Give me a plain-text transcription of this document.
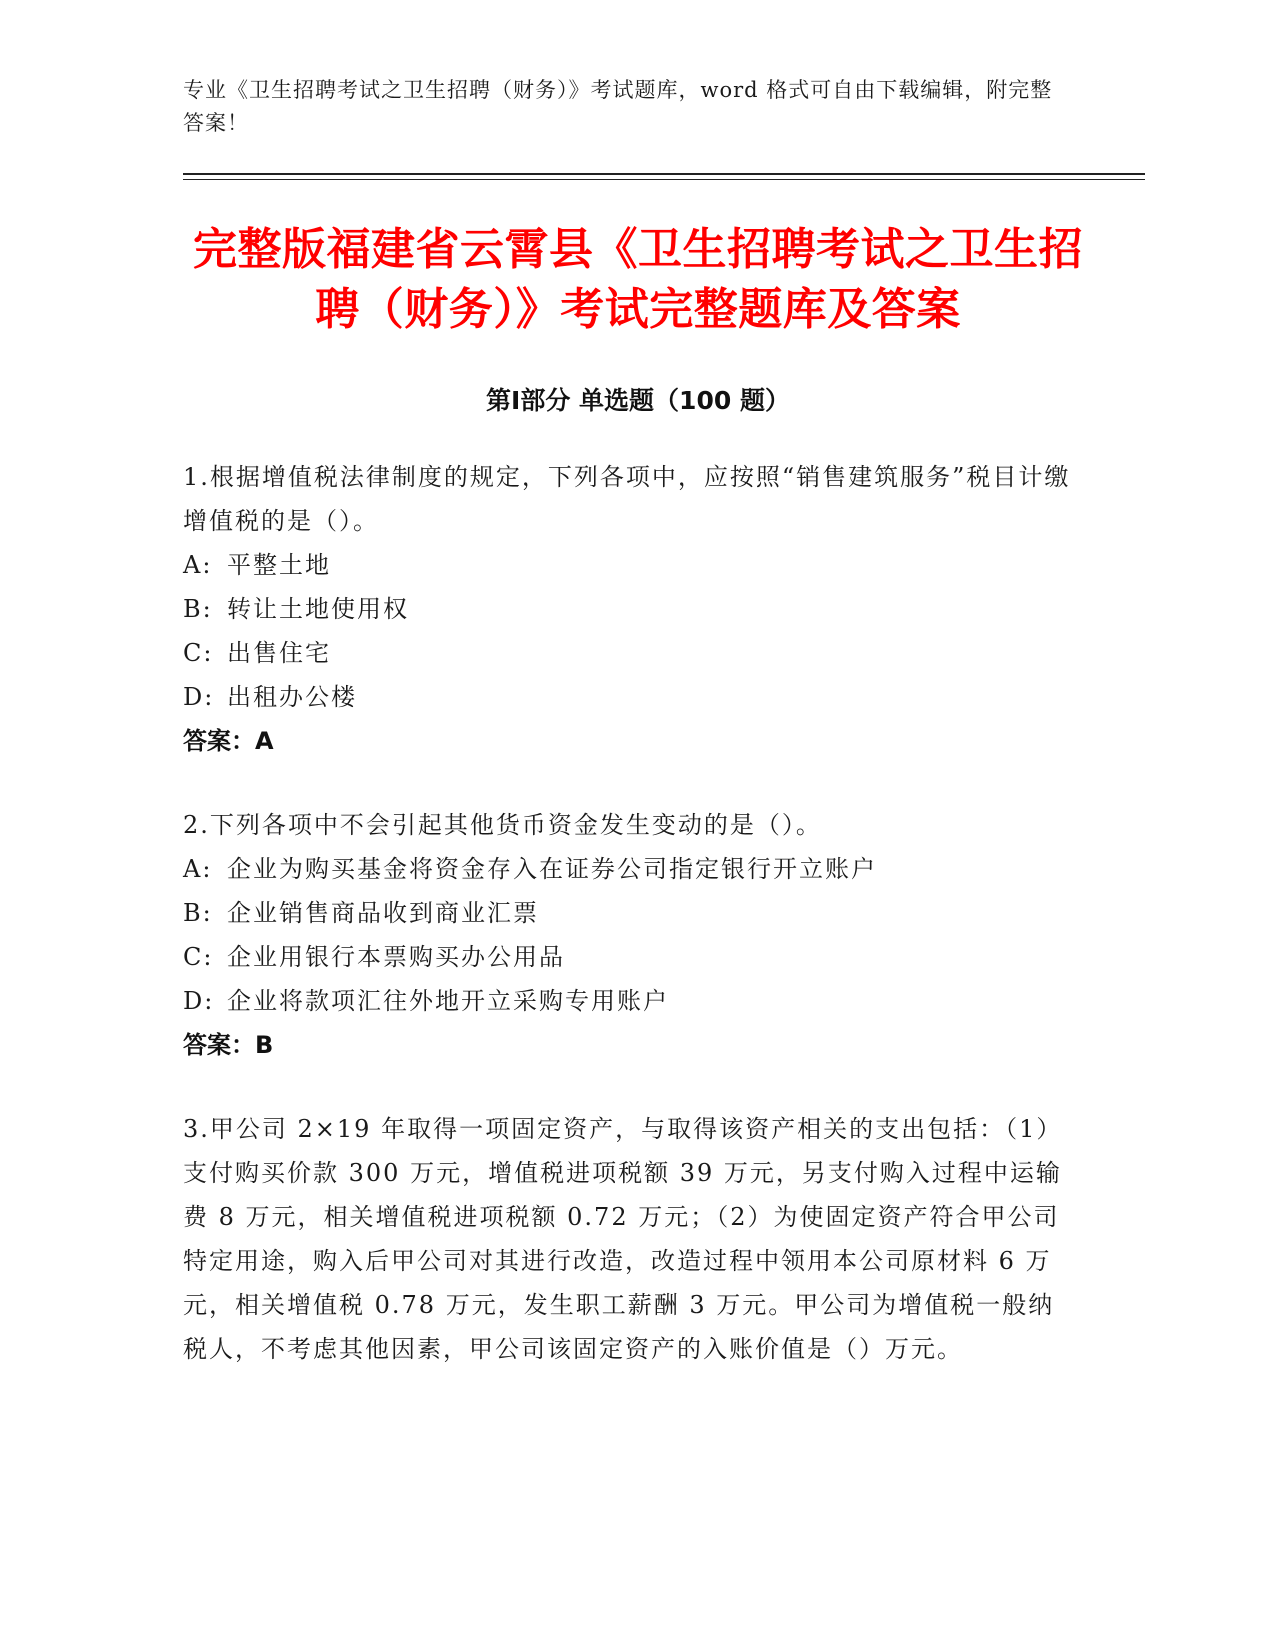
专业《卫生招聘考试之卫生招聘（财务）》考试题库，word 格式可自由下载编辑，附完整答案！
完整版福建省云霄县《卫生招聘考试之卫生招聘（财务）》考试完整题库及答案
第Ⅰ部分 单选题（100 题）
1.根据增值税法律制度的规定，下列各项中，应按照“销售建筑服务”税目计缴增值税的是（）。
A: 平整土地
B: 转让土地使用权
C: 出售住宅
D: 出租办公楼
答案：A
2.下列各项中不会引起其他货币资金发生变动的是（）。
A: 企业为购买基金将资金存入在证券公司指定银行开立账户
B: 企业销售商品收到商业汇票
C: 企业用银行本票购买办公用品
D: 企业将款项汇往外地开立采购专用账户
答案：B
3.甲公司 2×19 年取得一项固定资产，与取得该资产相关的支出包括：（1）支付购买价款 300 万元，增值税进项税额 39 万元，另支付购入过程中运输费 8 万元，相关增值税进项税额 0.72 万元；（2）为使固定资产符合甲公司特定用途，购入后甲公司对其进行改造，改造过程中领用本公司原材料 6 万元，相关增值税 0.78 万元，发生职工薪酬 3 万元。甲公司为增值税一般纳税人，不考虑其他因素，甲公司该固定资产的入账价值是（）万元。
